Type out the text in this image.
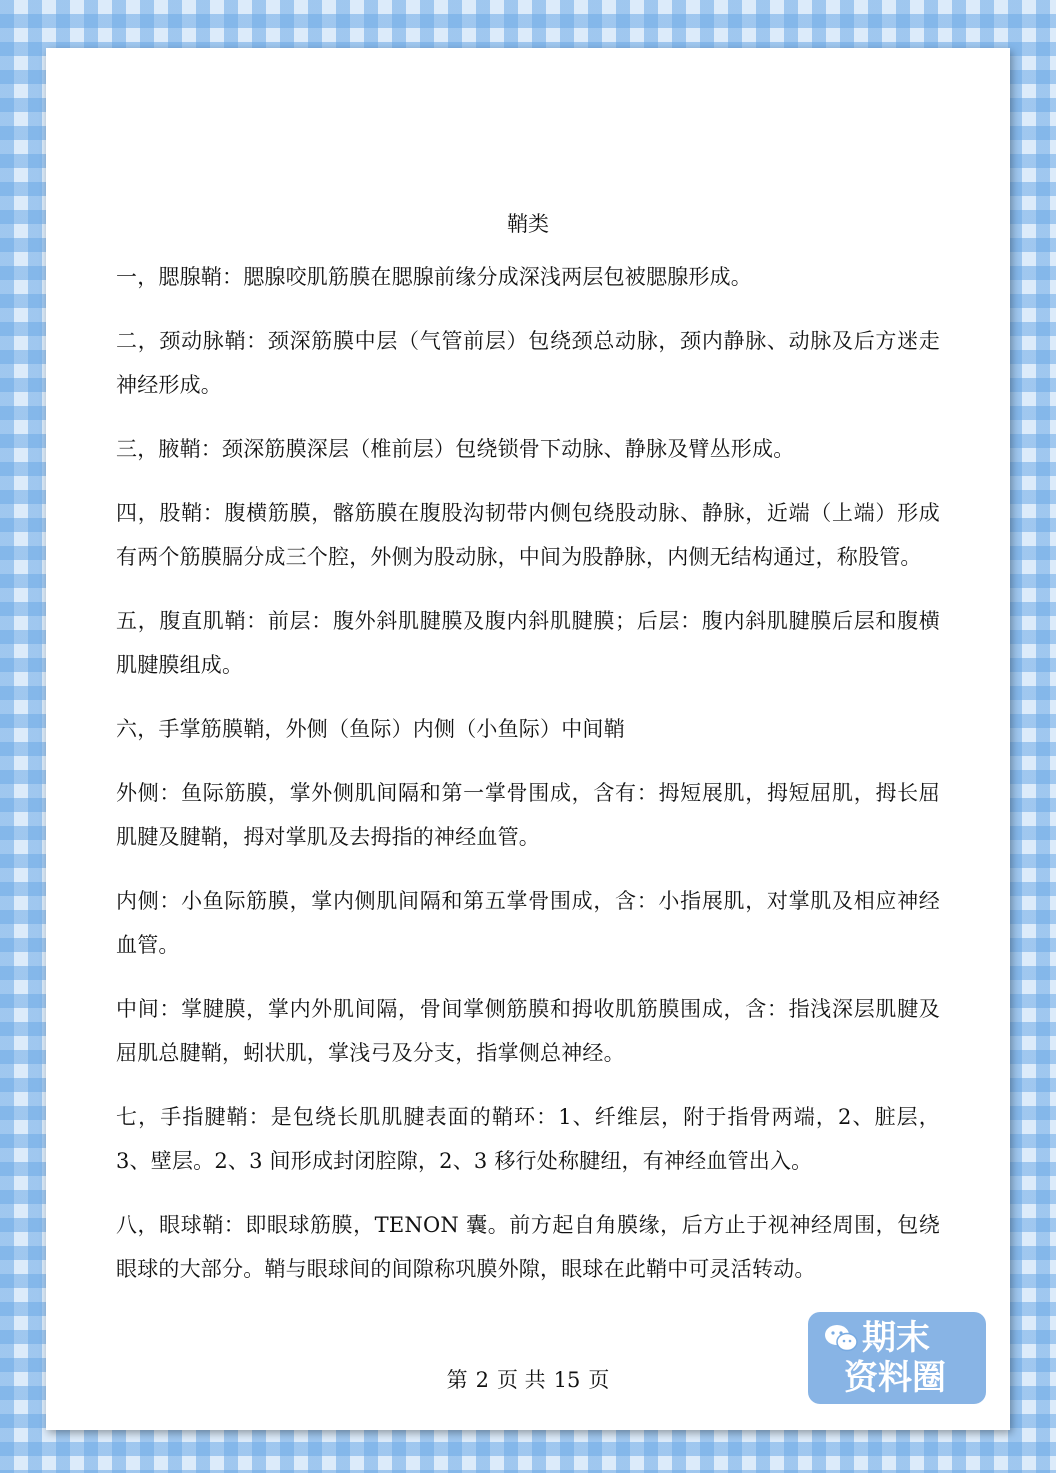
鞘类

一，腮腺鞘：腮腺咬肌筋膜在腮腺前缘分成深浅两层包被腮腺形成。

二，颈动脉鞘：颈深筋膜中层（气管前层）包绕颈总动脉，颈内静脉、动脉及后方迷走神经形成。

三，腋鞘：颈深筋膜深层（椎前层）包绕锁骨下动脉、静脉及臂丛形成。

四，股鞘：腹横筋膜，髂筋膜在腹股沟韧带内侧包绕股动脉、静脉，近端（上端）形成有两个筋膜膈分成三个腔，外侧为股动脉，中间为股静脉，内侧无结构通过，称股管。

五，腹直肌鞘：前层：腹外斜肌腱膜及腹内斜肌腱膜；后层：腹内斜肌腱膜后层和腹横肌腱膜组成。

六，手掌筋膜鞘，外侧（鱼际）内侧（小鱼际）中间鞘

外侧：鱼际筋膜，掌外侧肌间隔和第一掌骨围成，含有：拇短展肌，拇短屈肌，拇长屈肌腱及腱鞘，拇对掌肌及去拇指的神经血管。

内侧：小鱼际筋膜，掌内侧肌间隔和第五掌骨围成，含：小指展肌，对掌肌及相应神经血管。

中间：掌腱膜，掌内外肌间隔，骨间掌侧筋膜和拇收肌筋膜围成，含：指浅深层肌腱及屈肌总腱鞘，蚓状肌，掌浅弓及分支，指掌侧总神经。

七，手指腱鞘：是包绕长肌肌腱表面的鞘环：1、纤维层，附于指骨两端，2、脏层，3、壁层。2、3 间形成封闭腔隙，2、3 移行处称腱纽，有神经血管出入。

八，眼球鞘：即眼球筋膜，TENON 囊。前方起自角膜缘，后方止于视神经周围，包绕眼球的大部分。鞘与眼球间的间隙称巩膜外隙，眼球在此鞘中可灵活转动。

第 2 页 共 15 页
期末
资料圈
